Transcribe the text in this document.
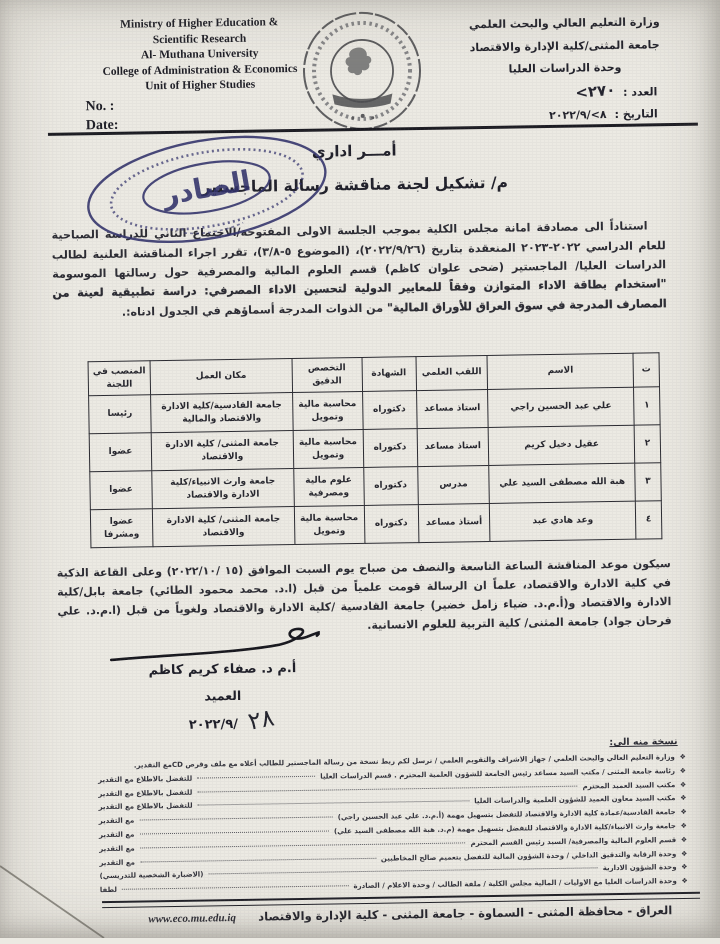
Ministry of Higher Education &
Scientific Research
Al- Muthana University
College of Administration & Economics
Unit of Higher Studies
No. :
Date:
وزارة التعليم العالي والبحث العلمي
جامعة المثنى/كلية الإدارة والاقتصاد
وحدة الدراسات العليا
العدد :
<٢٧٠
التاريخ :
٢٠٢٢/٩/<٨
أمـــر اداري
م/ تشكيل لجنة مناقشة رسالة الماجستير
الصادر

استناداً الى مصادقة امانة مجلس الكلية بموجب الجلسة الاولى المفتوحة/الاجتماع الثاني للدراسة الصباحية للعام الدراسي ٢٠٢٢-٢٠٢٣ المنعقدة بتاريخ (٢٠٢٢/٩/٢٦)، (الموضوع ٥-٣/٨)، تقرر اجراء المناقشة العلنية لطالب الدراسات العليا/ الماجستير (ضحى علوان كاظم) قسم العلوم المالية والمصرفية حول رسالتها الموسومة "استخدام بطاقة الاداء المتوازن وفقاً للمعايير الدولية لتحسين الاداء المصرفي: دراسة تطبيقية لعينة من المصارف المدرجة في سوق العراق للأوراق المالية" من الذوات المدرجة أسماؤهم في الجدول ادناه:.

ت	الاسم	اللقب العلمي	الشهادة	التخصص الدقيق	مكان العمل	المنصب في اللجنة
١	علي عبد الحسين راجي	استاذ مساعد	دكتوراه	محاسبة مالية وتمويل	جامعة القادسية/كلية الادارة والاقتصاد والمالية	رئيسا
٢	عقيل دخيل كريم	استاذ مساعد	دكتوراه	محاسبة مالية وتمويل	جامعة المثنى/ كلية الادارة والاقتصاد	عضوا
٣	هبة الله مصطفى السيد علي	مدرس	دكتوراه	علوم مالية ومصرفية	جامعة وارث الانبياء/كلية الادارة والاقتصاد	عضوا
٤	وعد هادي عبد	أستاذ مساعد	دكتوراه	محاسبة مالية وتمويل	جامعة المثنى/ كلية الادارة والاقتصاد	عضوا ومشرفا

سيكون موعد المناقشة الساعة التاسعة والنصف من صباح يوم السبت الموافق (⁦١٥ /٢٠٢٢/١٠⁩) وعلى القاعة الذكية في كلية الادارة والاقتصاد، علماً ان الرسالة قومت علمياً من قبل (ا.د. محمد محمود الطائي) جامعة بابل/كلية الادارة والاقتصاد و(أ.م.د. ضياء زامل خضير) جامعة القادسية /كلية الادارة والاقتصاد ولغوياً من قبل (ا.م.د. علي فرحان جواد) جامعة المثنى/ كلية التربية للعلوم الانسانية.

أ.م د. صفاء كريم كاظم
العميد
٢٠٢٢/٩/ ٢٨
نسخة منه الى:
❖
وزارة التعليم العالي والبحث العلمي / جهاز الاشراف والتقويم العلمي / نرسل لكم ربط نسخة من رسالة الماجستير للطالب أعلاه مع ملف وقرص CD
مع التقدير.
❖
رئاسة جامعة المثنى / مكتب السيد مساعد رئيس الجامعة للشؤون العلمية المحترم . قسم الدراسات العليا
للتفضل بالاطلاع مع التقدير
❖
مكتب السيد العميد المحترم
للتفضل بالاطلاع مع التقدير
❖
مكتب السيد معاون العميد للشؤون العلمية والدراسات العليا
للتفضل بالاطلاع مع التقدير
❖
جامعة القادسية/عمادة كلية الادارة والاقتصاد للتفضل بتسهيل مهمة (أ.م.د. علي عبد الحسين راجي)
مع التقدير
❖
جامعة وارث الانبياء/كلية الادارة والاقتصاد للتفضل بتسهيل مهمة (م.د. هبة الله مصطفى السيد علي)
مع التقدير
❖
قسم العلوم المالية والمصرفية/ السيد رئيس القسم المحترم
مع التقدير
❖
وحدة الرقابة والتدقيق الداخلي / وحدة الشؤون المالية للتفضل بتعميم صالح المخاطبين
مع التقدير
❖
وحدة الشؤون الادارية
(الاضبارة الشخصية للتدريسي)
❖
وحدة الدراسات العليا مع الاوليات / المالية مجلس الكلية / ملفة الطالب / وحدة الاعلام / الصادرة
لطفا
العراق - محافظة المثنى - السماوة - جامعة المثنى - كلية الإدارة والاقتصاد
www.eco.mu.edu.iq
